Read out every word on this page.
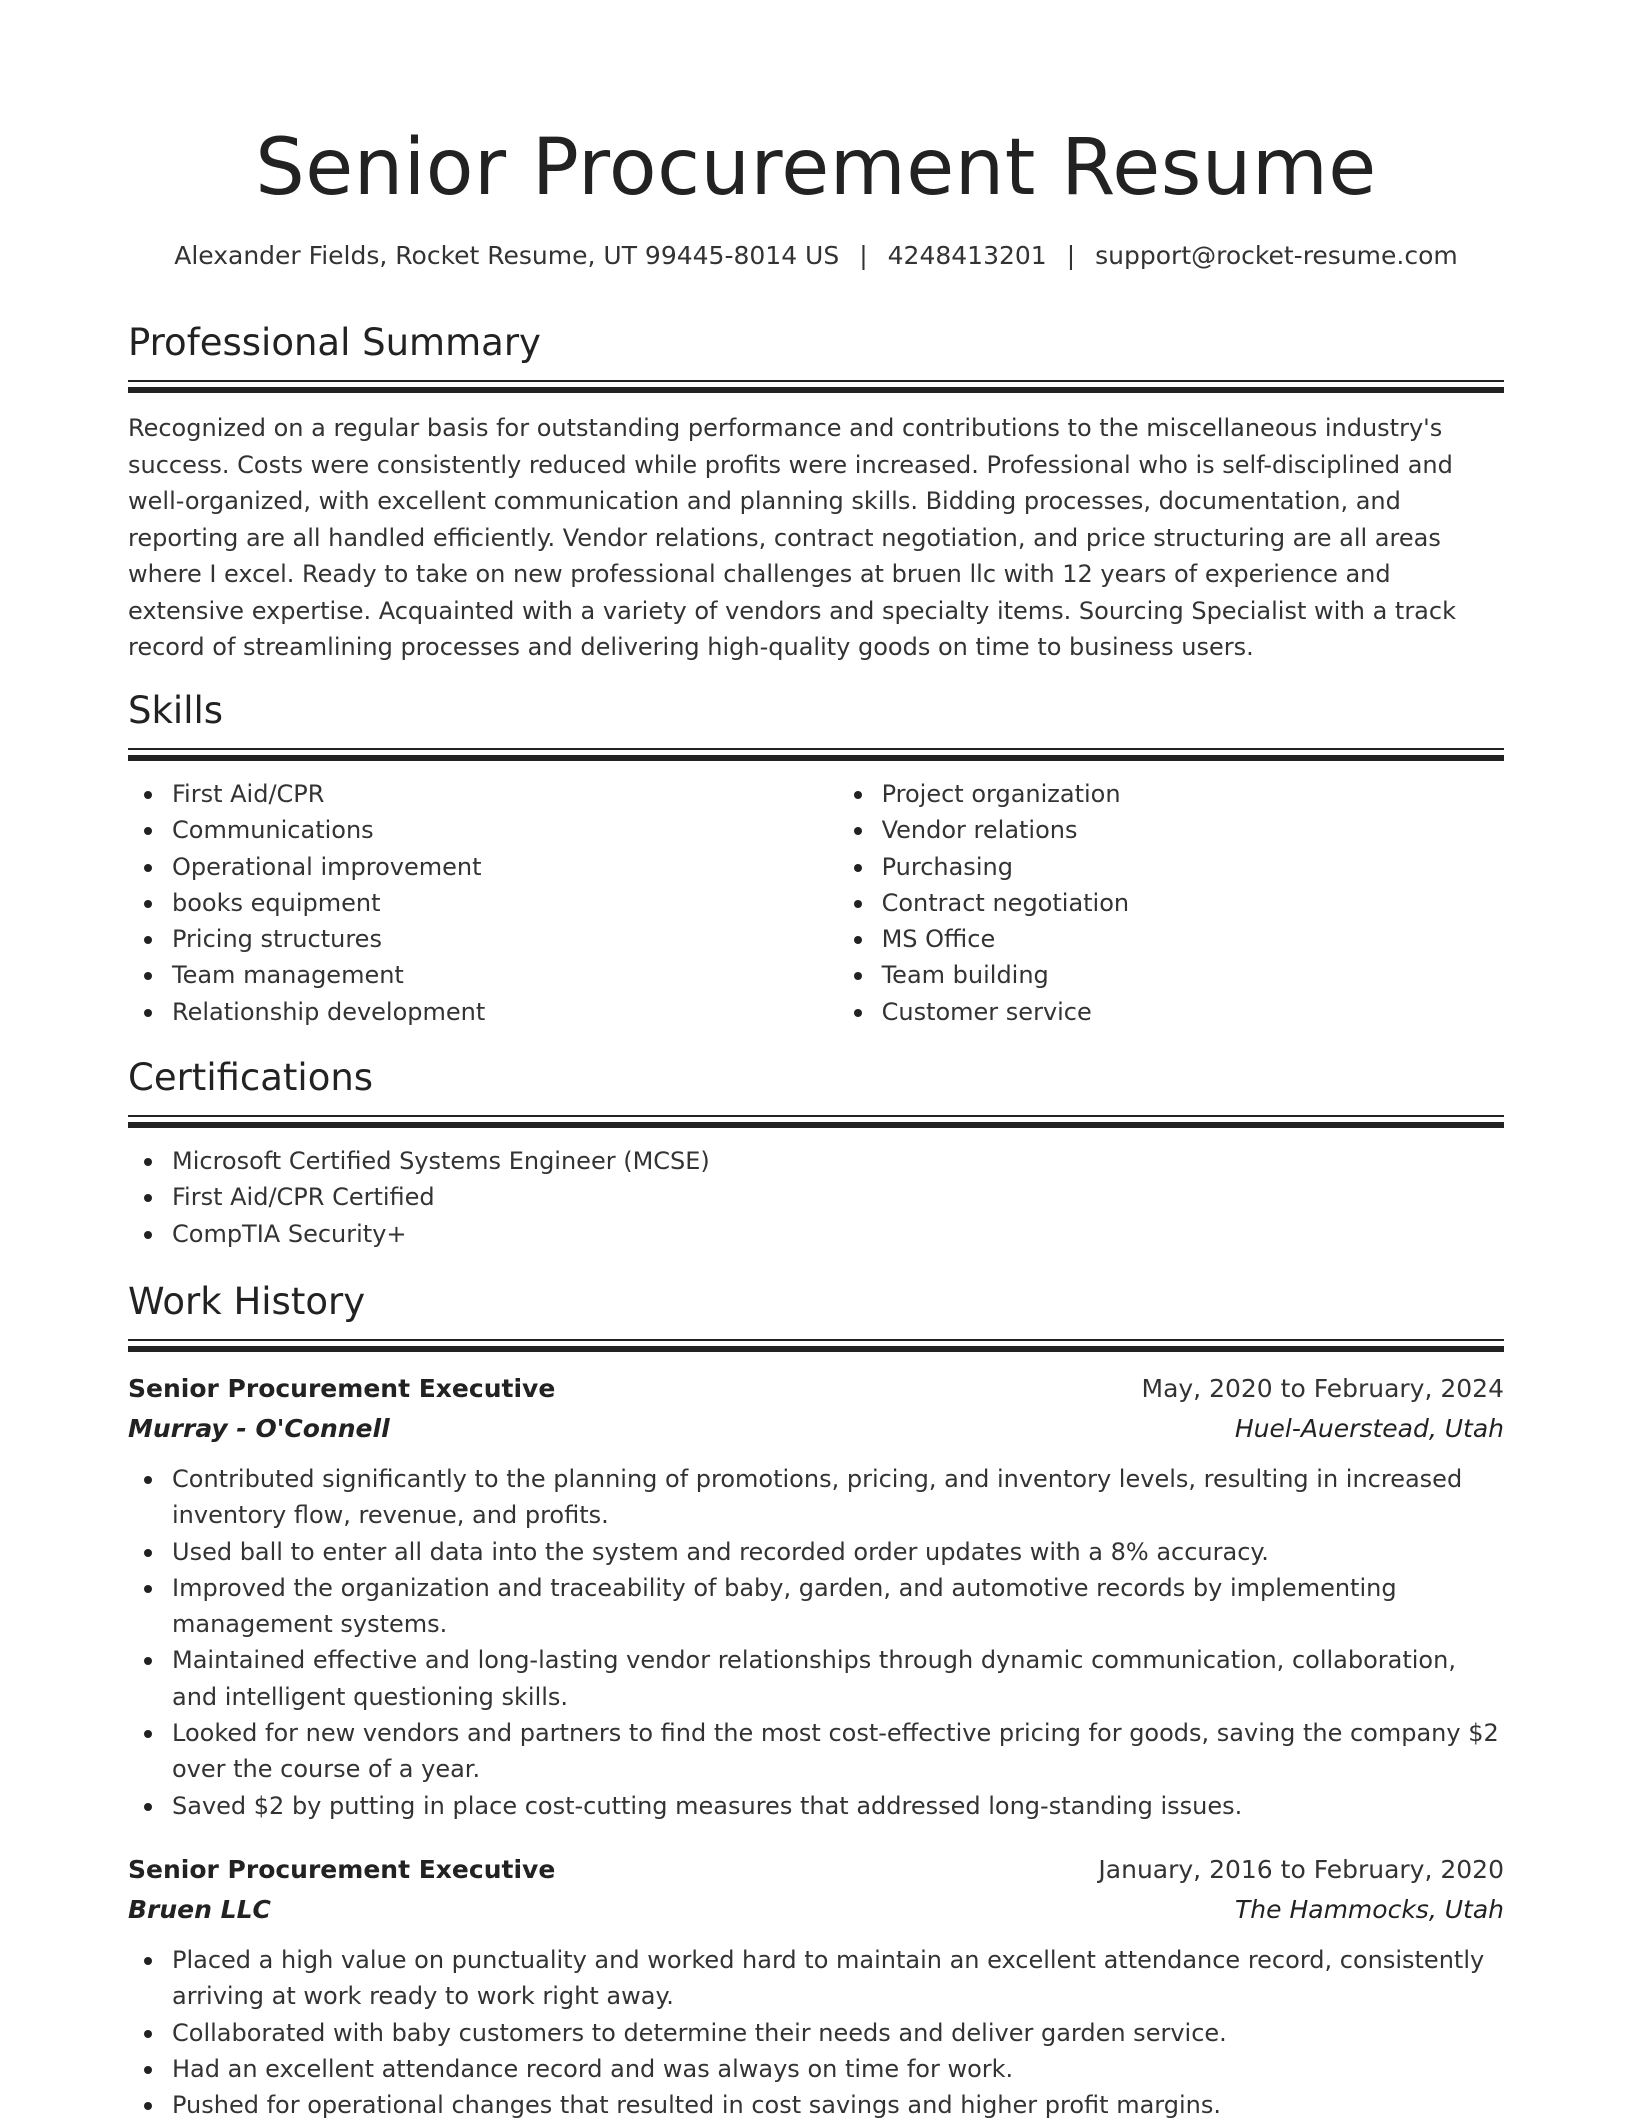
Senior Procurement Resume
Alexander Fields, Rocket Resume, UT 99445-8014 US | 4248413201 | support@rocket-resume.com
Professional Summary

Recognized on a regular basis for outstanding performance and contributions to the miscellaneous industry's success. Costs were consistently reduced while profits were increased. Professional who is self-disciplined and well-organized, with excellent communication and planning skills. Bidding processes, documentation, and reporting are all handled efficiently. Vendor relations, contract negotiation, and price structuring are all areas where I excel. Ready to take on new professional challenges at bruen llc with 12 years of experience and extensive expertise. Acquainted with a variety of vendors and specialty items. Sourcing Specialist with a track record of streamlining processes and delivering high-quality goods on time to business users.

Skills
First Aid/CPR
Communications
Operational improvement
books equipment
Pricing structures
Team management
Relationship development
Project organization
Vendor relations
Purchasing
Contract negotiation
MS Office
Team building
Customer service
Certifications
Microsoft Certified Systems Engineer (MCSE)
First Aid/CPR Certified
CompTIA Security+
Work History
Senior Procurement Executive	May, 2020 to February, 2024
Murray - O'Connell	Huel-Auerstead, Utah
Contributed significantly to the planning of promotions, pricing, and inventory levels, resulting in increased inventory flow, revenue, and profits.
Used ball to enter all data into the system and recorded order updates with a 8% accuracy.
Improved the organization and traceability of baby, garden, and automotive records by implementing management systems.
Maintained effective and long-lasting vendor relationships through dynamic communication, collaboration, and intelligent questioning skills.
Looked for new vendors and partners to find the most cost-effective pricing for goods, saving the company $2 over the course of a year.
Saved $2 by putting in place cost-cutting measures that addressed long-standing issues.
Senior Procurement Executive	January, 2016 to February, 2020
Bruen LLC	The Hammocks, Utah
Placed a high value on punctuality and worked hard to maintain an excellent attendance record, consistently arriving at work ready to work right away.
Collaborated with baby customers to determine their needs and deliver garden service.
Had an excellent attendance record and was always on time for work.
Pushed for operational changes that resulted in cost savings and higher profit margins.
